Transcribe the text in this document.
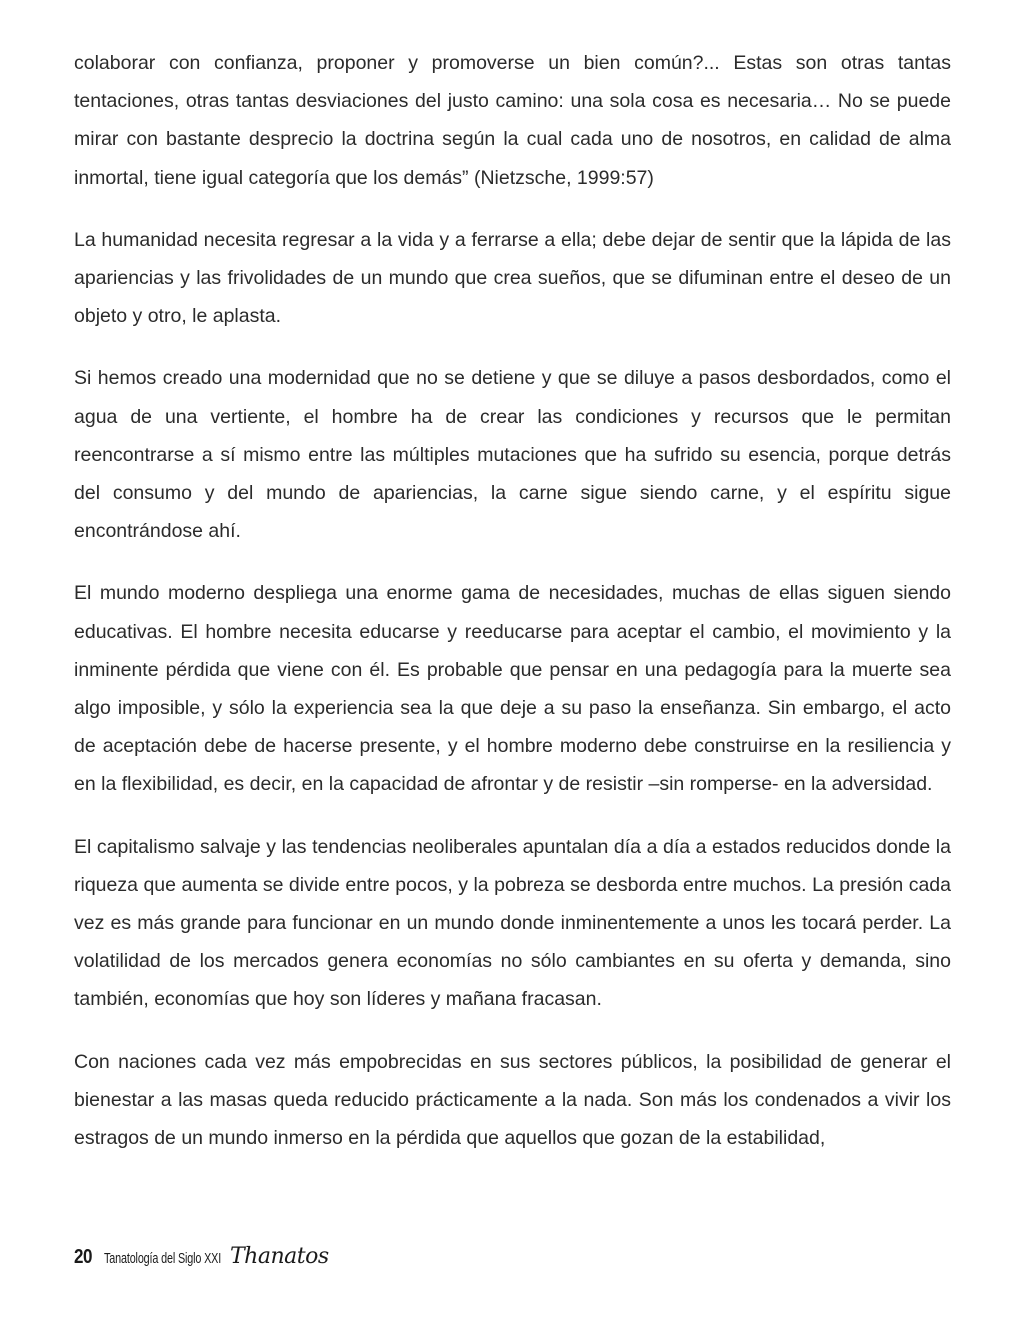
colaborar con confianza, proponer y promoverse un bien común?... Estas son otras tantas tentaciones, otras tantas desviaciones del justo camino: una sola cosa es necesaria… No se puede mirar con bastante desprecio la doctrina según la cual cada uno de nosotros, en calidad de alma inmortal, tiene igual categoría que los demás” (Nietzsche, 1999:57)

La humanidad necesita regresar a la vida y a ferrarse a ella; debe dejar de sentir que la lápida de las apariencias y las frivolidades de un mundo que crea sueños, que se difuminan entre el deseo de un objeto y otro, le aplasta.

Si hemos creado una modernidad que no se detiene y que se diluye a pasos desbordados, como el agua de una vertiente, el hombre ha de crear las condiciones y recursos que le permitan reencontrarse a sí mismo entre las múltiples mutaciones que ha sufrido su esencia, porque detrás del consumo y del mundo de apariencias, la carne sigue siendo carne, y el espíritu sigue encontrándose ahí.

El mundo moderno despliega una enorme gama de necesidades, muchas de ellas siguen siendo educativas. El hombre necesita educarse y reeducarse para aceptar el cambio, el movimiento y la inminente pérdida que viene con él. Es probable que pensar en una pedagogía para la muerte sea algo imposible, y sólo la experiencia sea la que deje a su paso la enseñanza. Sin embargo, el acto de aceptación debe de hacerse presente, y el hombre moderno debe construirse en la resiliencia y en la flexibilidad, es decir, en la capacidad de afrontar y de resistir –sin romperse- en la adversidad.

El capitalismo salvaje y las tendencias neoliberales apuntalan día a día a estados reducidos donde la riqueza que aumenta se divide entre pocos, y la pobreza se desborda entre muchos. La presión cada vez es más grande para funcionar en un mundo donde inminentemente a unos les tocará perder. La volatilidad de los mercados genera economías no sólo cambiantes en su oferta y demanda, sino también, economías que hoy son líderes y mañana fracasan.

Con naciones cada vez más empobrecidas en sus sectores públicos, la posibilidad de generar el bienestar a las masas queda reducido prácticamente a la nada. Son más los condenados a vivir los estragos de un mundo inmerso en la pérdida que aquellos que gozan de la estabilidad,

20 Tanatología del Siglo XXI Thanatos
